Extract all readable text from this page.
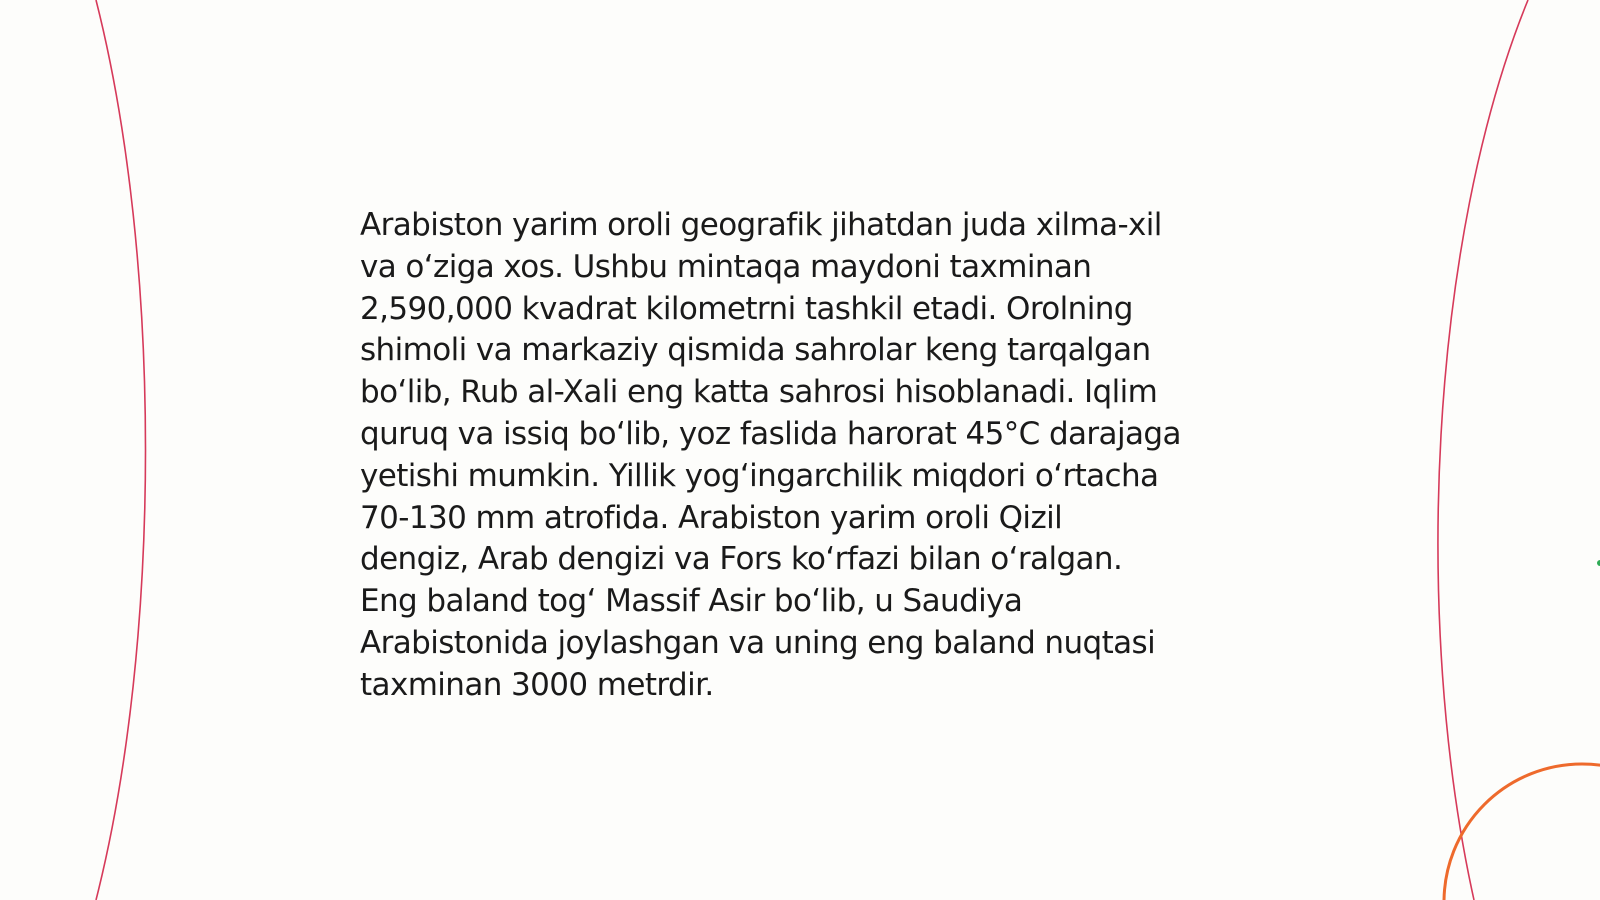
Arabiston yarim oroli geografik jihatdan juda xilma-xil
va o‘ziga xos. Ushbu mintaqa maydoni taxminan
2,590,000 kvadrat kilometrni tashkil etadi. Orolning
shimoli va markaziy qismida sahrolar keng tarqalgan
bo‘lib, Rub al-Xali eng katta sahrosi hisoblanadi. Iqlim
quruq va issiq bo‘lib, yoz faslida harorat 45°C darajaga
yetishi mumkin. Yillik yog‘ingarchilik miqdori o‘rtacha
70-130 mm atrofida. Arabiston yarim oroli Qizil
dengiz, Arab dengizi va Fors ko‘rfazi bilan o‘ralgan.
Eng baland tog‘ Massif Asir bo‘lib, u Saudiya
Arabistonida joylashgan va uning eng baland nuqtasi
taxminan 3000 metrdir.
